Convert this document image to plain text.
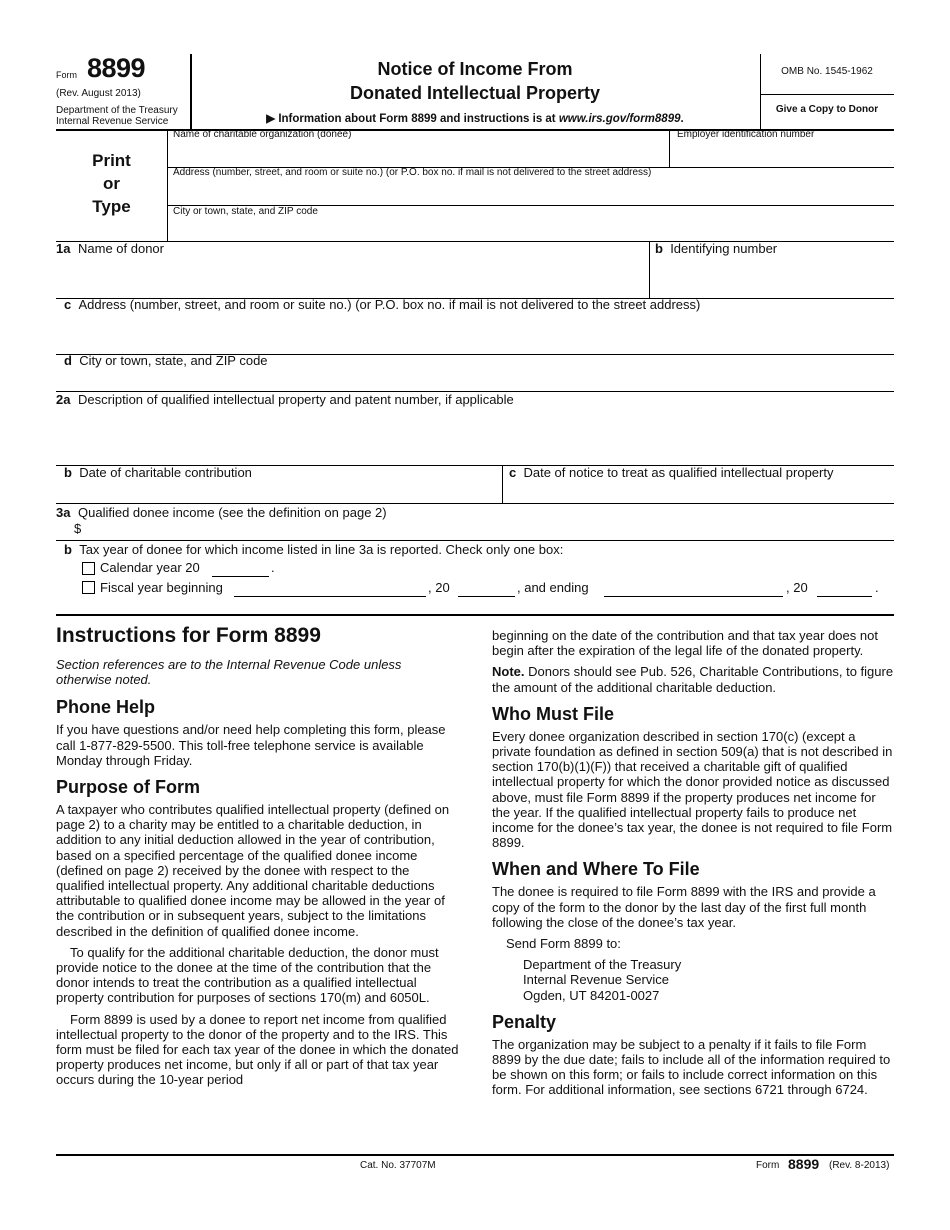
Form 8899
(Rev. August 2013)
Department of the Treasury
Internal Revenue Service
Notice of Income From
Donated Intellectual Property
▶ Information about Form 8899 and instructions is at www.irs.gov/form8899.
OMB No. 1545-1962
Give a Copy to Donor
Print
or
Type
Name of charitable organization (donee)	Employer identification number
Address (number, street, and room or suite no.) (or P.O. box no. if mail is not delivered to the street address)
City or town, state, and ZIP code
1a Name of donor	b Identifying number
c Address (number, street, and room or suite no.) (or P.O. box no. if mail is not delivered to the street address)
d City or town, state, and ZIP code
2a Description of qualified intellectual property and patent number, if applicable
b Date of charitable contribution	c Date of notice to treat as qualified intellectual property
3a Qualified donee income (see the definition on page 2)
$
b Tax year of donee for which income listed in line 3a is reported. Check only one box:
Calendar year 20	.
Fiscal year beginning	, 20	, and ending	, 20	.
Instructions for Form 8899

Section references are to the Internal Revenue Code unless otherwise noted.

Phone Help

If you have questions and/or need help completing this form, please call 1-877-829-5500. This toll-free telephone service is available Monday through Friday.

Purpose of Form

A taxpayer who contributes qualified intellectual property (defined on page 2) to a charity may be entitled to a charitable deduction, in addition to any initial deduction allowed in the year of contribution, based on a specified percentage of the qualified donee income (defined on page 2) received by the donee with respect to the qualified intellectual property. Any additional charitable deductions attributable to qualified donee income may be allowed in the year of the contribution or in subsequent years, subject to the limitations described in the definition of qualified donee income.

To qualify for the additional charitable deduction, the donor must provide notice to the donee at the time of the contribution that the donor intends to treat the contribution as a qualified intellectual property contribution for purposes of sections 170(m) and 6050L.

Form 8899 is used by a donee to report net income from qualified intellectual property to the donor of the property and to the IRS. This form must be filed for each tax year of the donee in which the donated property produces net income, but only if all or part of that tax year occurs during the 10-year period

beginning on the date of the contribution and that tax year does not begin after the expiration of the legal life of the donated property.

Note. Donors should see Pub. 526, Charitable Contributions, to figure the amount of the additional charitable deduction.

Who Must File

Every donee organization described in section 170(c) (except a private foundation as defined in section 509(a) that is not described in section 170(b)(1)(F)) that received a charitable gift of qualified intellectual property for which the donor provided notice as discussed above, must file Form 8899 if the property produces net income for the year. If the qualified intellectual property fails to produce net income for the donee’s tax year, the donee is not required to file Form 8899.

When and Where To File

The donee is required to file Form 8899 with the IRS and provide a copy of the form to the donor by the last day of the first full month following the close of the donee’s tax year.

Send Form 8899 to:

Department of the Treasury

Internal Revenue Service

Ogden, UT 84201-0027

Penalty

The organization may be subject to a penalty if it fails to file Form 8899 by the due date; fails to include all of the information required to be shown on this form; or fails to include correct information on this form. For additional information, see sections 6721 through 6724.

Cat. No. 37707M	Form 8899 (Rev. 8-2013)
